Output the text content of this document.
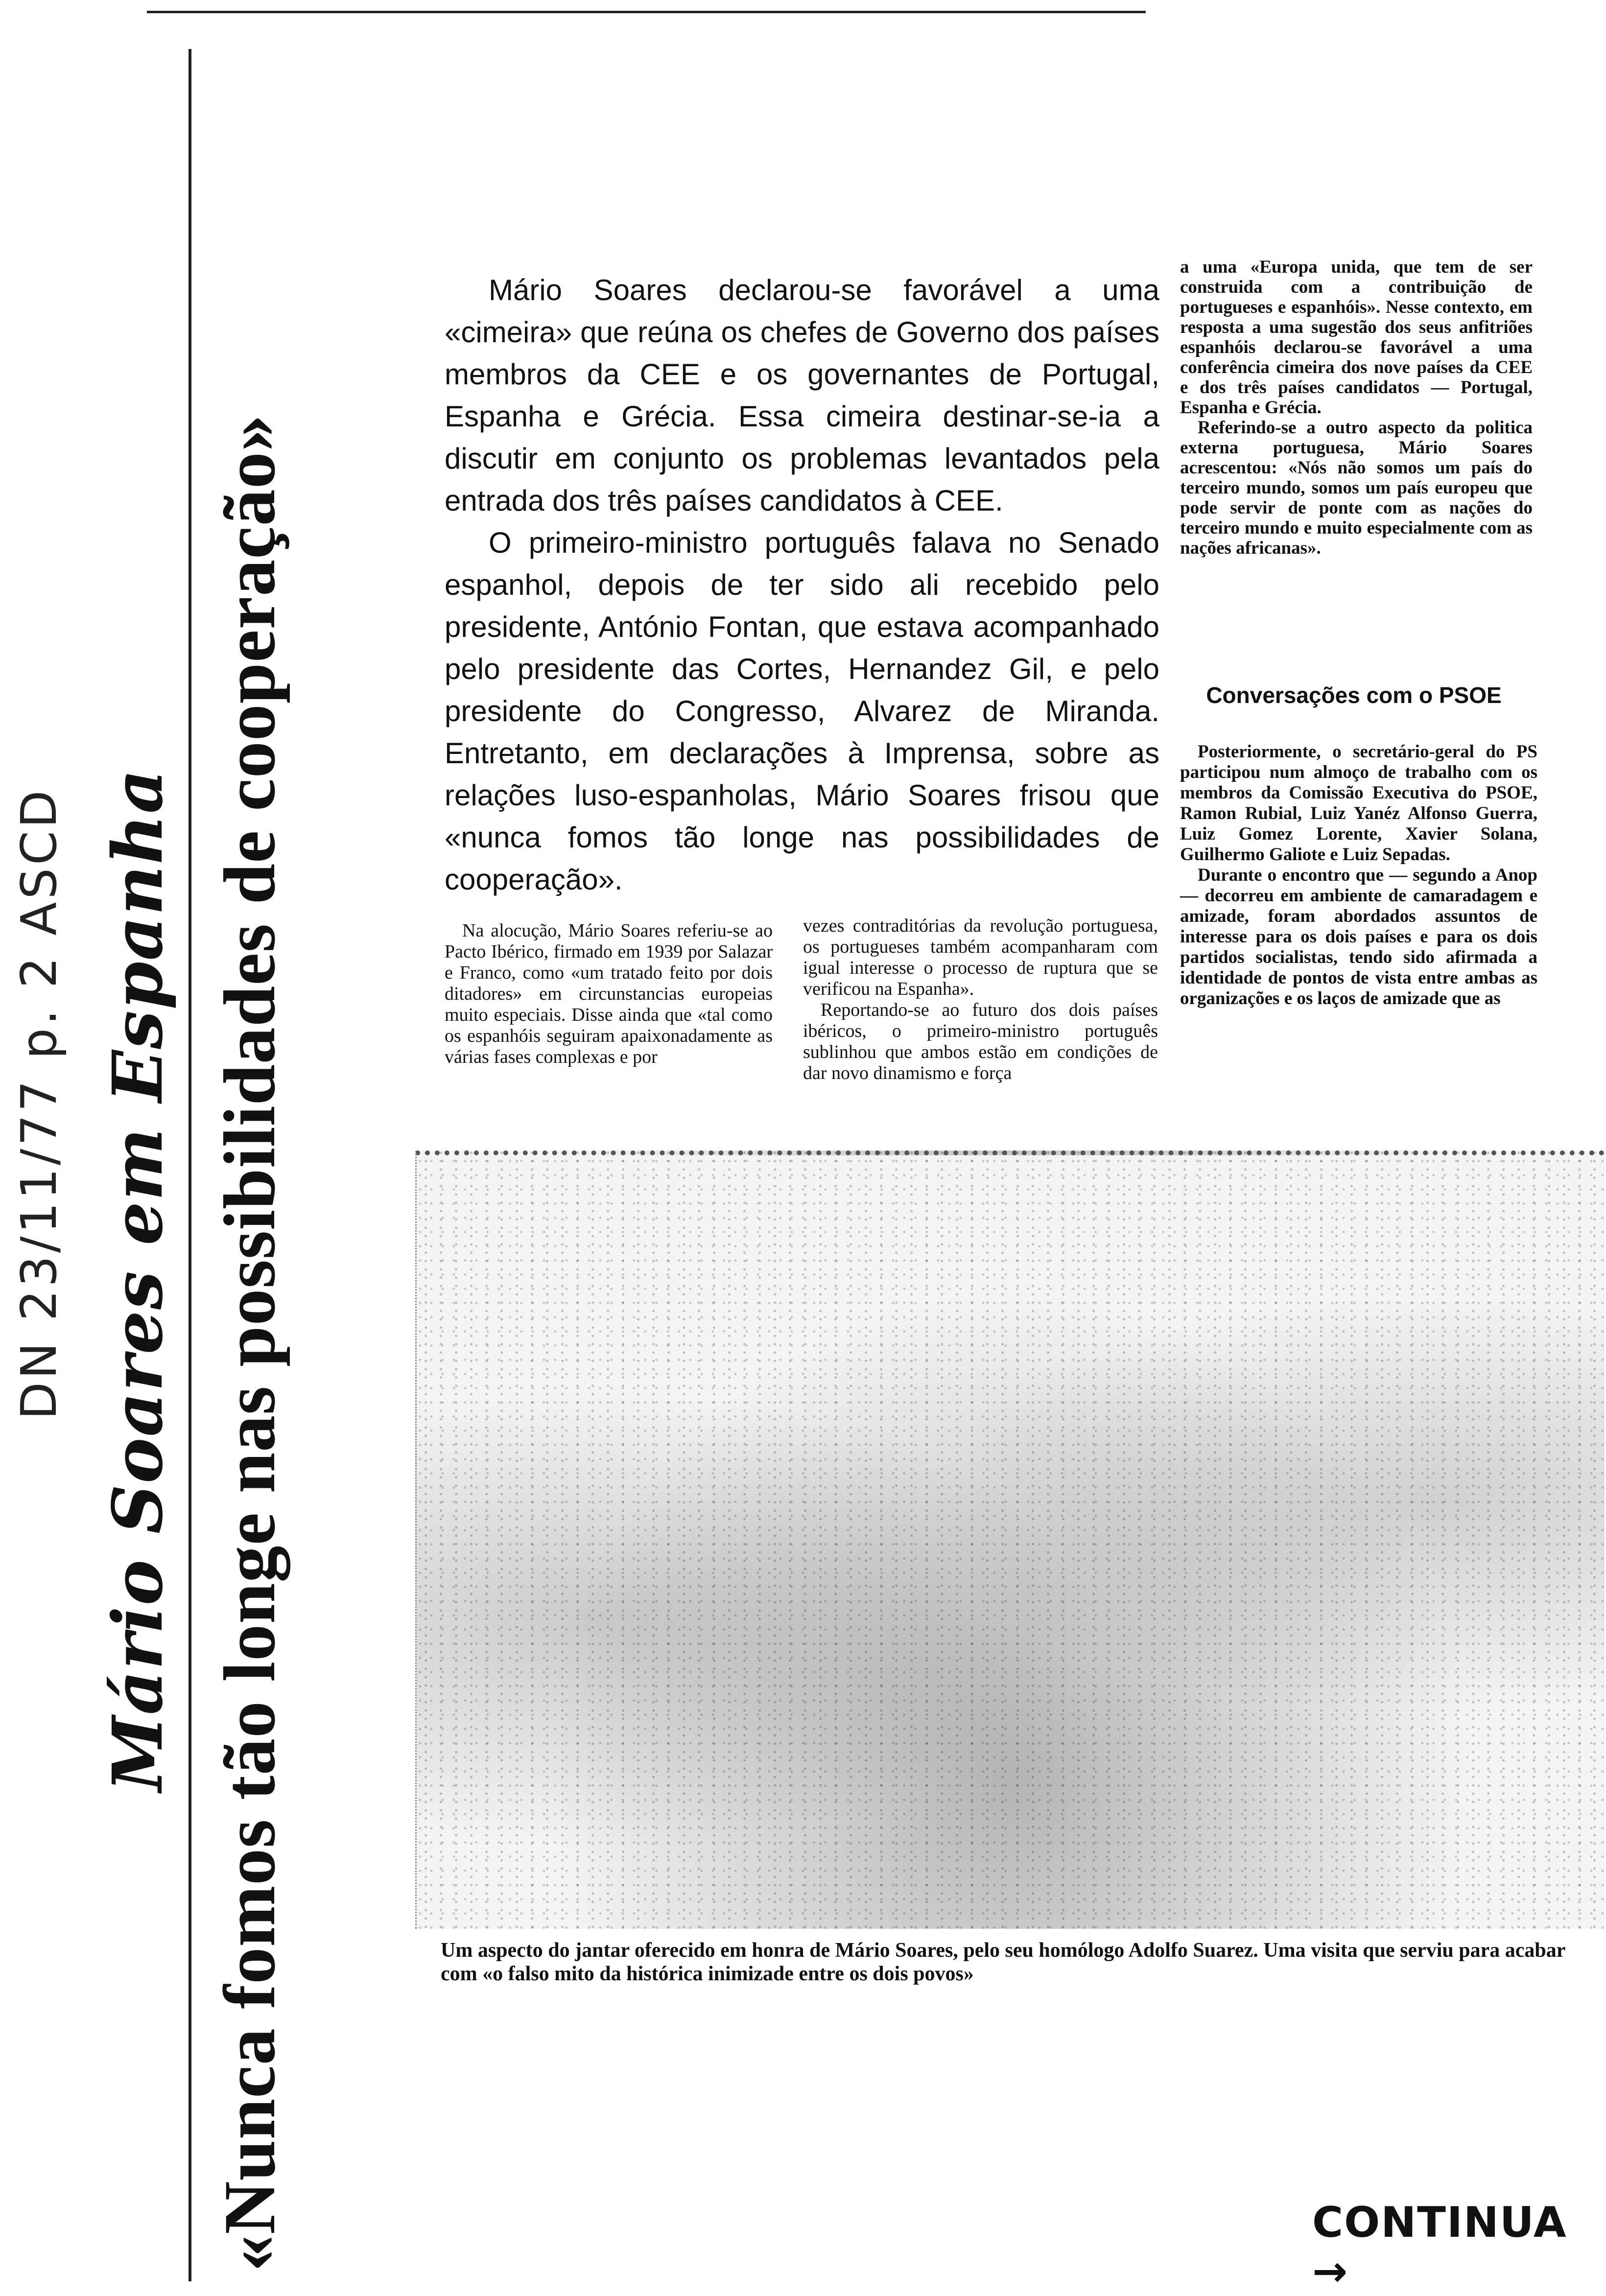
DN 23/11/77 p. 2 ASCD Mário Soares em Espanha «Nunca fomos tão longe nas possibilidades de cooperação»

Mário Soares declarou-se favorável a uma «cimeira» que reúna os chefes de Governo dos países membros da CEE e os governantes de Portugal, Espanha e Grécia. Essa cimeira destinar-se-ia a discutir em conjunto os problemas levantados pela entrada dos três países candidatos à CEE.

O primeiro-ministro português falava no Senado espanhol, depois de ter sido ali recebido pelo presidente, António Fontan, que estava acompanhado pelo presidente das Cortes, Hernandez Gil, e pelo presidente do Congresso, Alvarez de Miranda. Entretanto, em declarações à Imprensa, sobre as relações luso-espanholas, Mário Soares frisou que «nunca fomos tão longe nas possibilidades de cooperação».

Na alocução, Mário Soares referiu-se ao Pacto Ibérico, firmado em 1939 por Salazar e Franco, como «um tratado feito por dois ditadores» em circunstancias europeias muito especiais. Disse ainda que «tal como os espanhóis seguiram apaixonadamente as várias fases complexas e por

vezes contraditórias da revolução portuguesa, os portugueses também acompanharam com igual interesse o processo de ruptura que se verificou na Espanha».

Reportando-se ao futuro dos dois países ibéricos, o primeiro-ministro português sublinhou que ambos estão em condições de dar novo dinamismo e força

a uma «Europa unida, que tem de ser construida com a contribuição de portugueses e espanhóis». Nesse contexto, em resposta a uma sugestão dos seus anfitriões espanhóis declarou-se favorável a uma conferência cimeira dos nove países da CEE e dos três países candidatos — Portugal, Espanha e Grécia.

Referindo-se a outro aspecto da politica externa portuguesa, Mário Soares acrescentou: «Nós não somos um país do terceiro mundo, somos um país europeu que pode servir de ponte com as nações do terceiro mundo e muito especialmente com as nações africanas».

Conversações com o PSOE

Posteriormente, o secretário-geral do PS participou num almoço de trabalho com os membros da Comissão Executiva do PSOE, Ramon Rubial, Luiz Yanéz Alfonso Guerra, Luiz Gomez Lorente, Xavier Solana, Guilhermo Galiote e Luiz Sepadas.

Durante o encontro que — segundo a Anop — decorreu em ambiente de camaradagem e amizade, foram abordados assuntos de interesse para os dois países e para os dois partidos socialistas, tendo sido afirmada a identidade de pontos de vista entre ambas as organizações e os laços de amizade que as

Um aspecto do jantar oferecido em honra de Mário Soares, pelo seu homólogo Adolfo Suarez. Uma visita que serviu para acabar com «o falso mito da histórica inimizade entre os dois povos»
CONTINUA →
